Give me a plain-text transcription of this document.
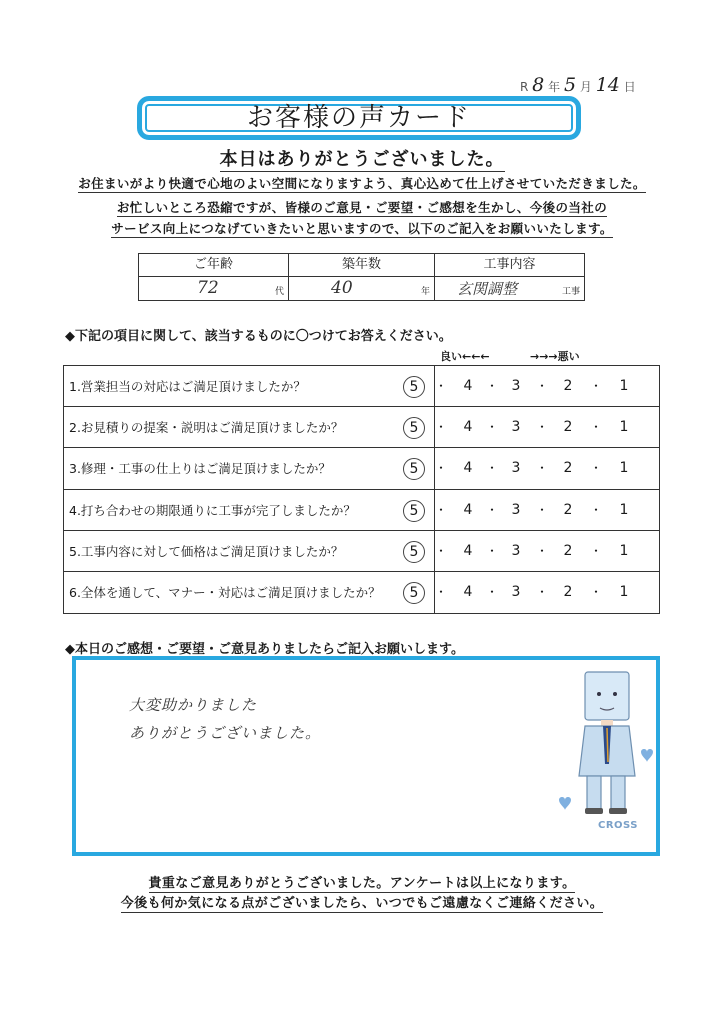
R 8 年 5 月 14 日
お客様の声カード
本日はありがとうございました。
お住まいがより快適で心地のよい空間になりますよう、真心込めて仕上げさせていただきました。
お忙しいところ恐縮ですが、皆様のご意見・ご要望・ご感想を生かし、今後の当社の
サービス向上につなげていきたいと思いますので、以下のご記入をお願いいたします。
ご年齢
72	代
築年数
40	年
工事内容
玄関調整	工事
◆下記の項目に関して、該当するものに〇つけてお答えください。
良い←←←	→→→悪い
1.営業担当の対応はご満足頂けましたか？	5	・	4	・ 3	・	2	・	1
2.お見積りの提案・説明はご満足頂けましたか？	5	・	4	・ 3	・	2	・	1
3.修理・工事の仕上りはご満足頂けましたか？	5	・	4	・ 3	・	2	・	1
4.打ち合わせの期限通りに工事が完了しましたか？	5	・	4	・ 3	・	2	・	1
5.工事内容に対して価格はご満足頂けましたか？	5	・	4	・ 3	・	2	・	1
6.全体を通して、マナー・対応はご満足頂けましたか？	5	・	4	・ 3	・	2	・	1
◆本日のご感想・ご要望・ご意見ありましたらご記入お願いします。
大変助かりました
ありがとうございました。
CROSS
貴重なご意見ありがとうございました。アンケートは以上になります。
今後も何か気になる点がございましたら、いつでもご遠慮なくご連絡ください。
